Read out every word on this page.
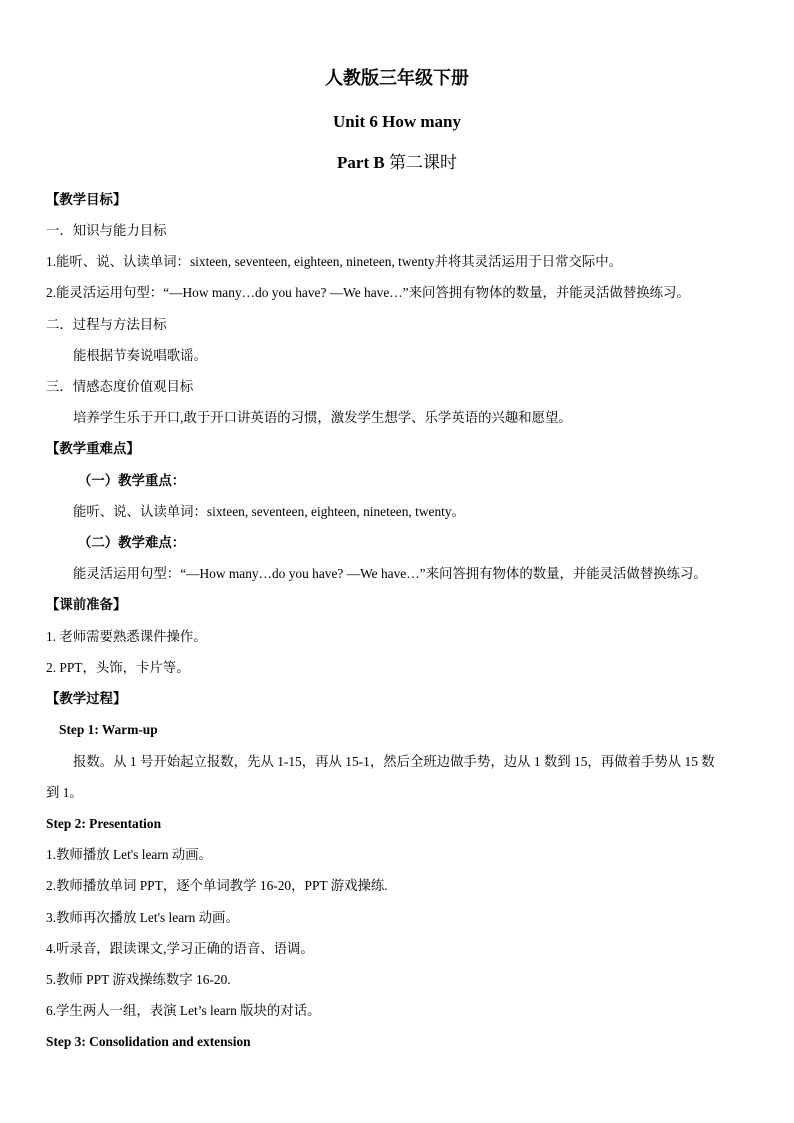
人教版三年级下册
Unit 6 How many
Part B 第二课时
【教学目标】
一．知识与能力目标
1.能听、说、认读单词：sixteen, seventeen, eighteen, nineteen, twenty并将其灵活运用于日常交际中。
2.能灵活运用句型：“—How many…do you have? —We have…”来问答拥有物体的数量，并能灵活做替换练习。
二．过程与方法目标
能根据节奏说唱歌谣。
三．情感态度价值观目标
培养学生乐于开口,敢于开口讲英语的习惯，激发学生想学、乐学英语的兴趣和愿望。
【教学重难点】
（一）教学重点：
能听、说、认读单词：sixteen, seventeen, eighteen, nineteen, twenty。
（二）教学难点：
能灵活运用句型：“—How many…do you have? —We have…”来问答拥有物体的数量，并能灵活做替换练习。
【课前准备】
1. 老师需要熟悉课件操作。
2. PPT，头饰，卡片等。
【教学过程】
Step 1: Warm-up
报数。从 1 号开始起立报数，先从 1-15，再从 15-1，然后全班边做手势，边从 1 数到 15，再做着手势从 15 数
到 1。
Step 2: Presentation
1.教师播放 Let's learn 动画。
2.教师播放单词 PPT，逐个单词教学 16-20，PPT 游戏操练.
3.教师再次播放 Let's learn 动画。
4.听录音，跟读课文,学习正确的语音、语调。
5.教师 PPT 游戏操练数字 16-20.
6.学生两人一组，表演 Let’s learn 版块的对话。
Step 3: Consolidation and extension
